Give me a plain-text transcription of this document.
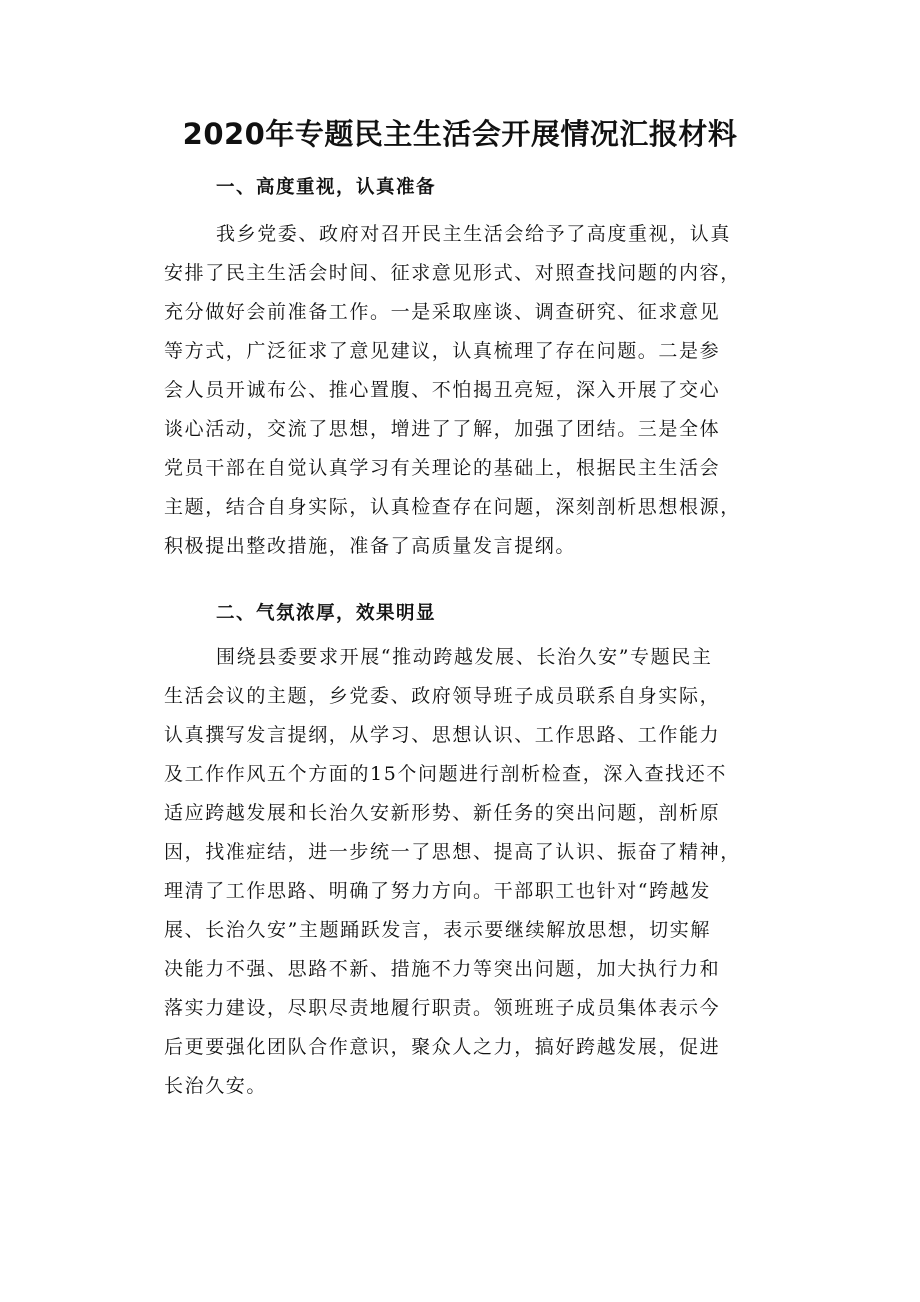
2020年专题民主生活会开展情况汇报材料
一、高度重视，认真准备

我乡党委、政府对召开民主生活会给予了高度重视，认真

安排了民主生活会时间、征求意见形式、对照查找问题的内容，

充分做好会前准备工作。一是采取座谈、调查研究、征求意见

等方式，广泛征求了意见建议，认真梳理了存在问题。二是参

会人员开诚布公、推心置腹、不怕揭丑亮短，深入开展了交心

谈心活动，交流了思想，增进了了解，加强了团结。三是全体

党员干部在自觉认真学习有关理论的基础上，根据民主生活会

主题，结合自身实际，认真检查存在问题，深刻剖析思想根源，

积极提出整改措施，准备了高质量发言提纲。

二、气氛浓厚，效果明显

围绕县委要求开展“推动跨越发展、长治久安”专题民主

生活会议的主题，乡党委、政府领导班子成员联系自身实际，

认真撰写发言提纲，从学习、思想认识、工作思路、工作能力

及工作作风五个方面的15个问题进行剖析检查，深入查找还不

适应跨越发展和长治久安新形势、新任务的突出问题，剖析原

因，找准症结，进一步统一了思想、提高了认识、振奋了精神，

理清了工作思路、明确了努力方向。干部职工也针对“跨越发

展、长治久安”主题踊跃发言，表示要继续解放思想，切实解

决能力不强、思路不新、措施不力等突出问题，加大执行力和

落实力建设，尽职尽责地履行职责。领班班子成员集体表示今

后更要强化团队合作意识，聚众人之力，搞好跨越发展，促进

长治久安。
